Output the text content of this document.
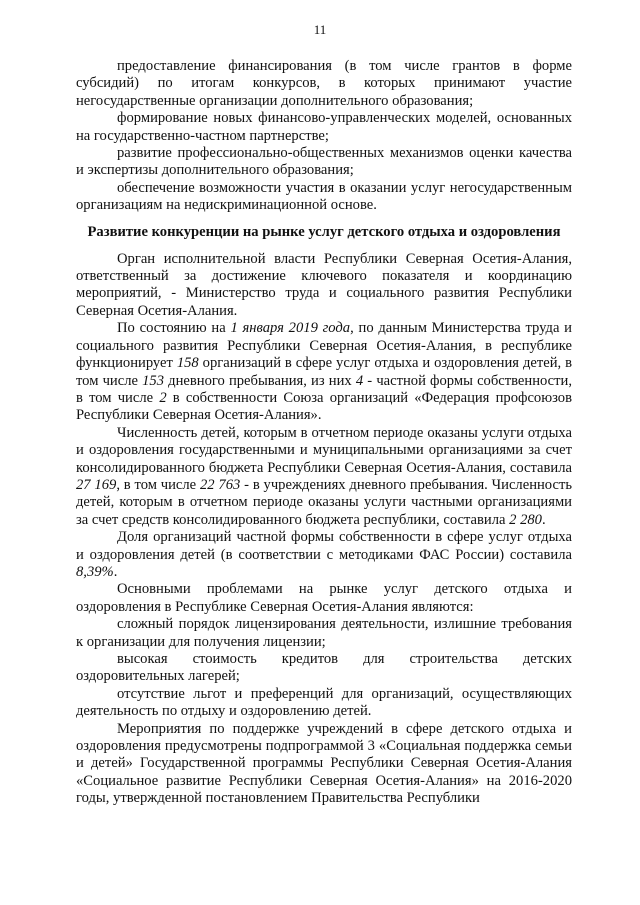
11

предоставление финансирования (в том числе грантов в форме субсидий) по итогам конкурсов, в которых принимают участие негосударственные организации дополнительного образования;

формирование новых финансово-управленческих моделей, основанных на государственно-частном партнерстве;

развитие профессионально-общественных механизмов оценки качества и экспертизы дополнительного образования;

обеспечение возможности участия в оказании услуг негосударственным организациям на недискриминационной основе.

Развитие конкуренции на рынке услуг детского отдыха и оздоровления

Орган исполнительной власти Республики Северная Осетия-Алания, ответственный за достижение ключевого показателя и координацию мероприятий, - Министерство труда и социального развития Республики Северная Осетия-Алания.

По состоянию на 1 января 2019 года, по данным Министерства труда и социального развития Республики Северная Осетия-Алания, в республике функционирует 158 организаций в сфере услуг отдыха и оздоровления детей, в том числе 153 дневного пребывания, из них 4 - частной формы собственности, в том числе 2 в собственности Союза организаций «Федерация профсоюзов Республики Северная Осетия-Алания».

Численность детей, которым в отчетном периоде оказаны услуги отдыха и оздоровления государственными и муниципальными организациями за счет консолидированного бюджета Республики Северная Осетия-Алания, составила 27 169, в том числе 22 763 - в учреждениях дневного пребывания. Численность детей, которым в отчетном периоде оказаны услуги частными организациями за счет средств консолидированного бюджета республики, составила 2 280.

Доля организаций частной формы собственности в сфере услуг отдыха и оздоровления детей (в соответствии с методиками ФАС России) составила 8,39%.

Основными проблемами на рынке услуг детского отдыха и оздоровления в Республике Северная Осетия-Алания являются:

сложный порядок лицензирования деятельности, излишние требования к организации для получения лицензии;

высокая стоимость кредитов для строительства детских оздоровительных лагерей;

отсутствие льгот и преференций для организаций, осуществляющих деятельность по отдыху и оздоровлению детей.

Мероприятия по поддержке учреждений в сфере детского отдыха и оздоровления предусмотрены подпрограммой 3 «Социальная поддержка семьи и детей» Государственной программы Республики Северная Осетия-Алания «Социальное развитие Республики Северная Осетия-Алания» на 2016-2020 годы, утвержденной постановлением Правительства Республики
